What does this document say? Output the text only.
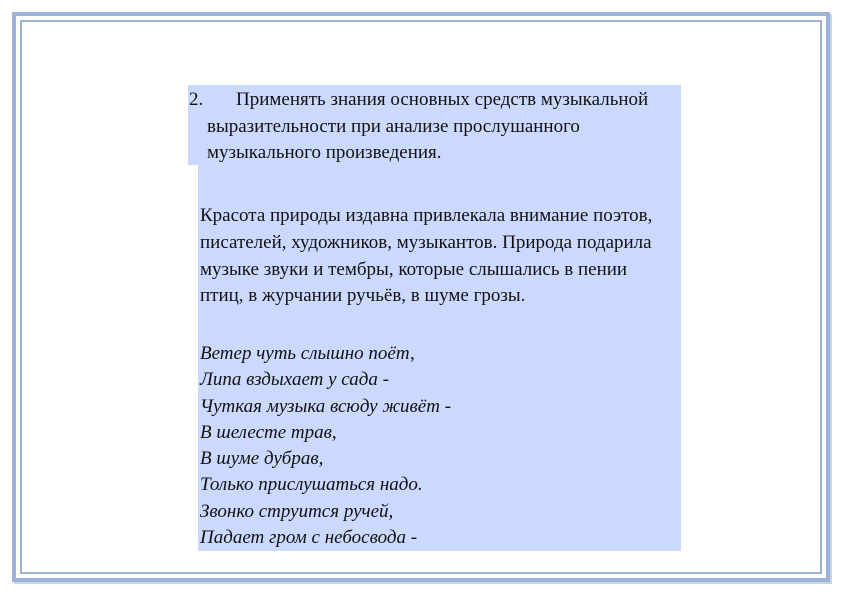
2.	Применять знания основных средств музыкальной выразительности при анализе прослушанного музыкального произведения.

Красота природы издавна привлекала внимание поэтов, писателей, художников, музыкантов. Природа подарила музыке звуки и тембры, которые слышались в пении птиц, в журчании ручьёв, в шуме грозы.

Ветер чуть слышно поёт,
Липа вздыхает у сада -
Чуткая музыка всюду живёт -
В шелесте трав,
В шуме дубрав,
Только прислушаться надо.
Звонко струится ручей,
Падает гром с небосвода -
